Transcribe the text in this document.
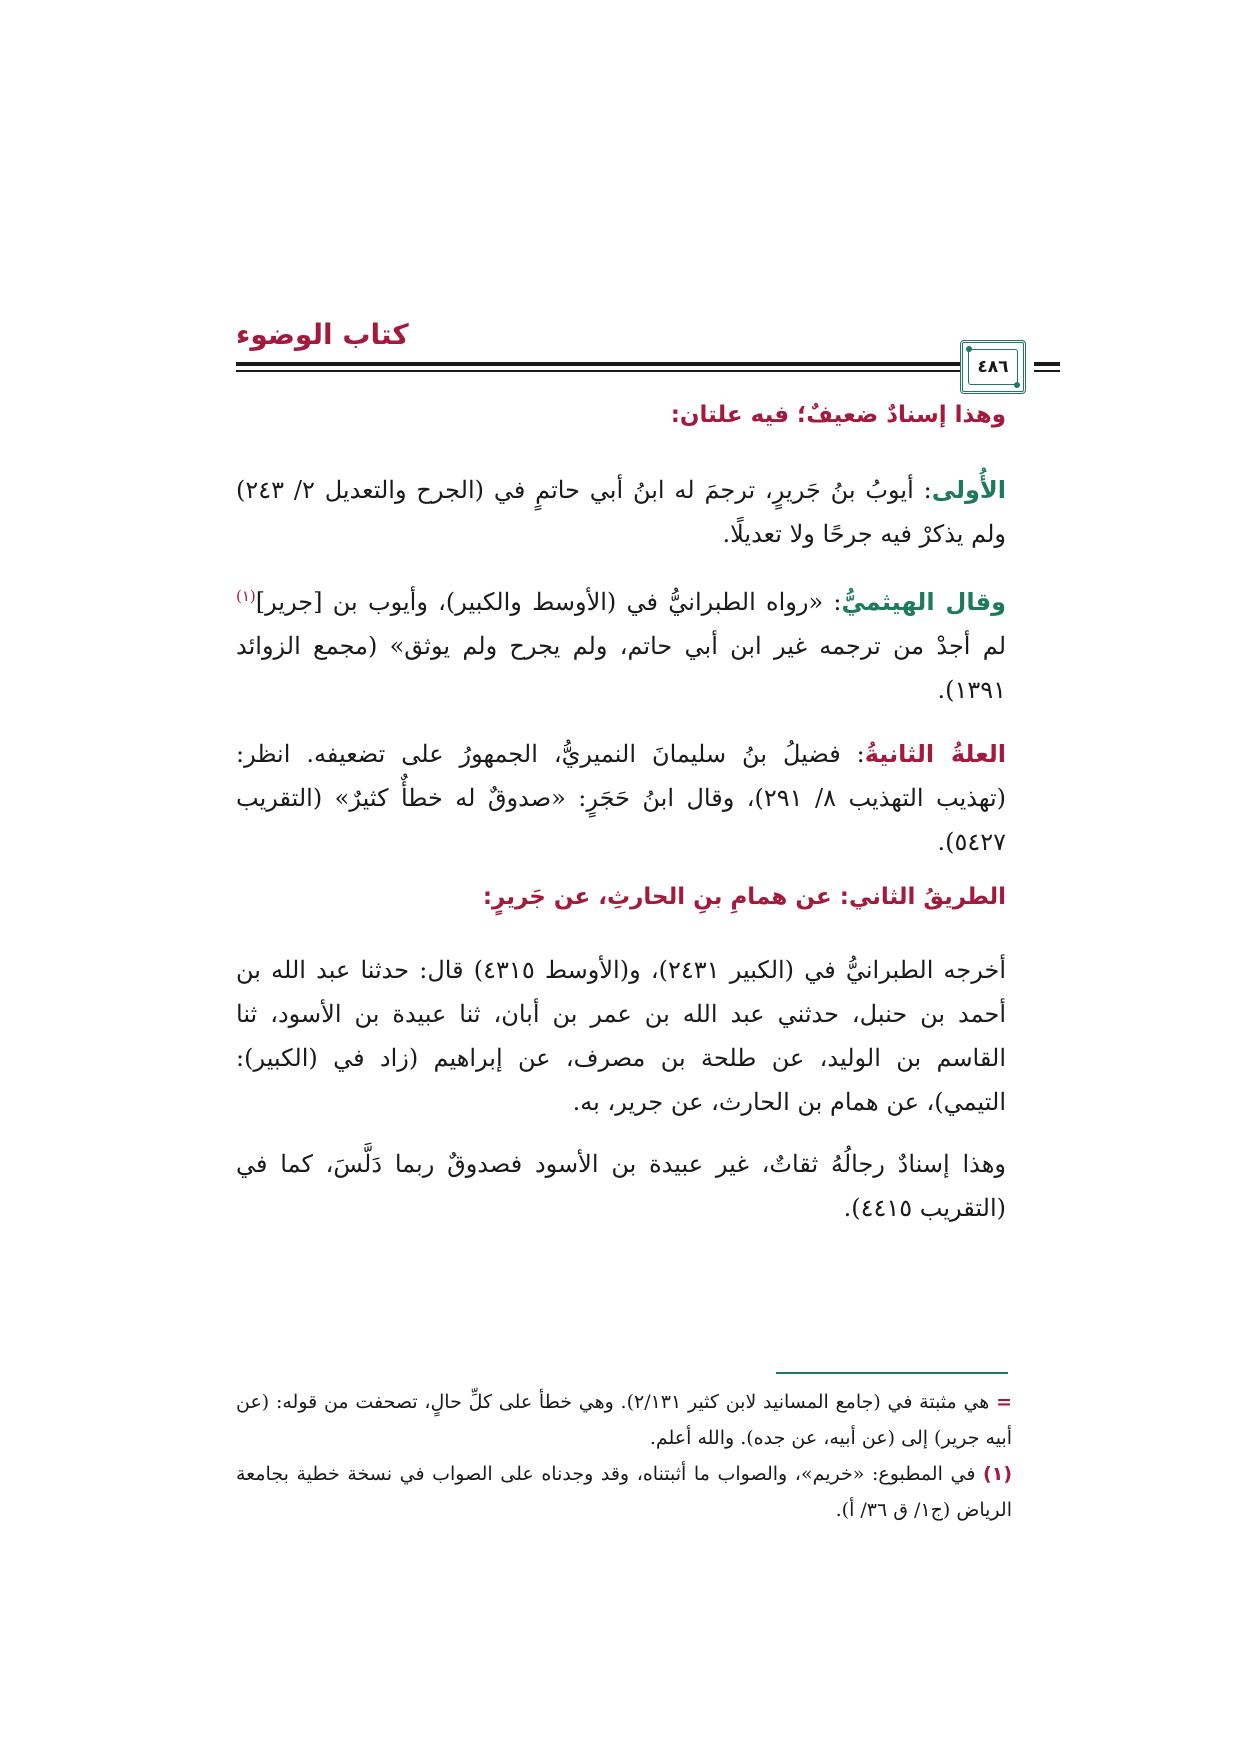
كتاب الوضوء
٤٨٦
وهذا إسنادٌ ضعيفٌ؛ فيه علتان:
الأُولى: أيوبُ بنُ جَريرٍ، ترجمَ له ابنُ أبي حاتمٍ في (الجرح والتعديل ٢/ ٢٤٣) ولم يذكرْ فيه جرحًا ولا تعديلًا.
وقال الهيثميُّ: «رواه الطبرانيُّ في (الأوسط والكبير)، وأيوب بن [جرير]$^{(١)}$ لم أجدْ من ترجمه غير ابن أبي حاتم، ولم يجرح ولم يوثق» (مجمع الزوائد ١٣٩١).
العلةُ الثانيةُ: فضيلُ بنُ سليمانَ النميريُّ، الجمهورُ على تضعيفه. انظر: (تهذيب التهذيب ٨/ ٢٩١)، وقال ابنُ حَجَرٍ: «صدوقٌ له خطأٌ كثيرٌ» (التقريب ٥٤٢٧).
الطريقُ الثاني: عن همامِ بنِ الحارثِ، عن جَريرٍ:
أخرجه الطبرانيُّ في (الكبير ٢٤٣١)، و(الأوسط ٤٣١٥) قال: حدثنا عبد الله بن أحمد بن حنبل، حدثني عبد الله بن عمر بن أبان، ثنا عبيدة بن الأسود، ثنا القاسم بن الوليد، عن طلحة بن مصرف، عن إبراهيم (زاد في (الكبير): التيمي)، عن همام بن الحارث، عن جرير، به.
وهذا إسنادٌ رجالُهُ ثقاتٌ، غير عبيدة بن الأسود فصدوقٌ ربما دَلَّسَ، كما في (التقريب ٤٤١٥).
= هي مثبتة في (جامع المسانيد لابن كثير ٢/١٣١). وهي خطأ على كلِّ حالٍ، تصحفت من قوله: (عن أبيه جرير) إلى (عن أبيه، عن جده). والله أعلم.
(١) في المطبوع: «خريم»، والصواب ما أثبتناه، وقد وجدناه على الصواب في نسخة خطية بجامعة الرياض (ج١/ ق ٣٦/ أ).
